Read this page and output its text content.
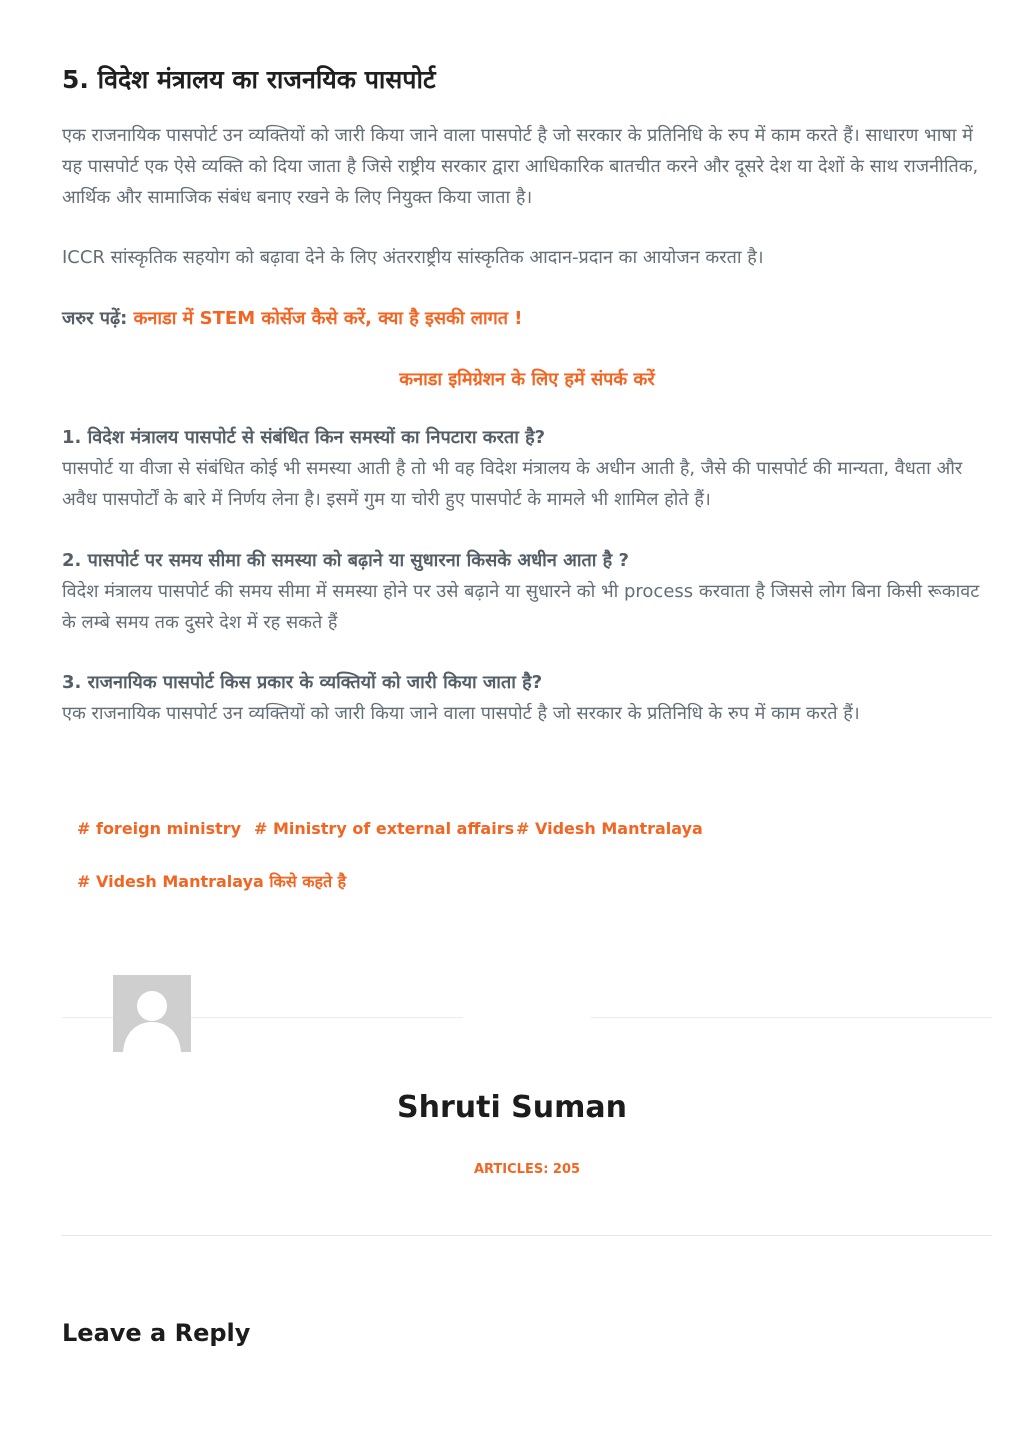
5. विदेश मंत्रालय का राजनयिक पासपोर्ट

एक राजनायिक पासपोर्ट उन व्यक्तियों को जारी किया जाने वाला पासपोर्ट है जो सरकार के प्रतिनिधि के रुप में काम करते हैं। साधारण भाषा में यह पासपोर्ट एक ऐसे व्यक्ति को दिया जाता है जिसे राष्ट्रीय सरकार द्वारा आधिकारिक बातचीत करने और दूसरे देश या देशों के साथ राजनीतिक, आर्थिक और सामाजिक संबंध बनाए रखने के लिए नियुक्त किया जाता है।

ICCR सांस्कृतिक सहयोग को बढ़ावा देने के लिए अंतरराष्ट्रीय सांस्कृतिक आदान-प्रदान का आयोजन करता है।

जरुर पढ़ें: कनाडा में STEM कोर्सेज कैसे करें, क्या है इसकी लागत !
कनाडा इमिग्रेशन के लिए हमें संपर्क करें

1. विदेश मंत्रालय पासपोर्ट से संबंधित किन समस्यों का निपटारा करता है?

पासपोर्ट या वीजा से संबंधित कोई भी समस्या आती है तो भी वह विदेश मंत्रालय के अधीन आती है, जैसे की पासपोर्ट की मान्यता, वैधता और अवैध पासपोर्टों के बारे में निर्णय लेना है। इसमें गुम या चोरी हुए पासपोर्ट के मामले भी शामिल होते हैं।

2. पासपोर्ट पर समय सीमा की समस्या को बढ़ाने या सुधारना किसके अधीन आता है ?

विदेश मंत्रालय पासपोर्ट की समय सीमा में समस्या होने पर उसे बढ़ाने या सुधारने को भी process करवाता है जिससे लोग बिना किसी रूकावट के लम्बे समय तक दुसरे देश में रह सकते हैं

3. राजनायिक पासपोर्ट किस प्रकार के व्यक्तियों को जारी किया जाता है?

एक राजनायिक पासपोर्ट उन व्यक्तियों को जारी किया जाने वाला पासपोर्ट है जो सरकार के प्रतिनिधि के रुप में काम करते हैं।

# foreign ministry # Ministry of external affairs # Videsh Mantralaya
# Videsh Mantralaya किसे कहते है
Shruti Suman
ARTICLES: 205
Leave a Reply
